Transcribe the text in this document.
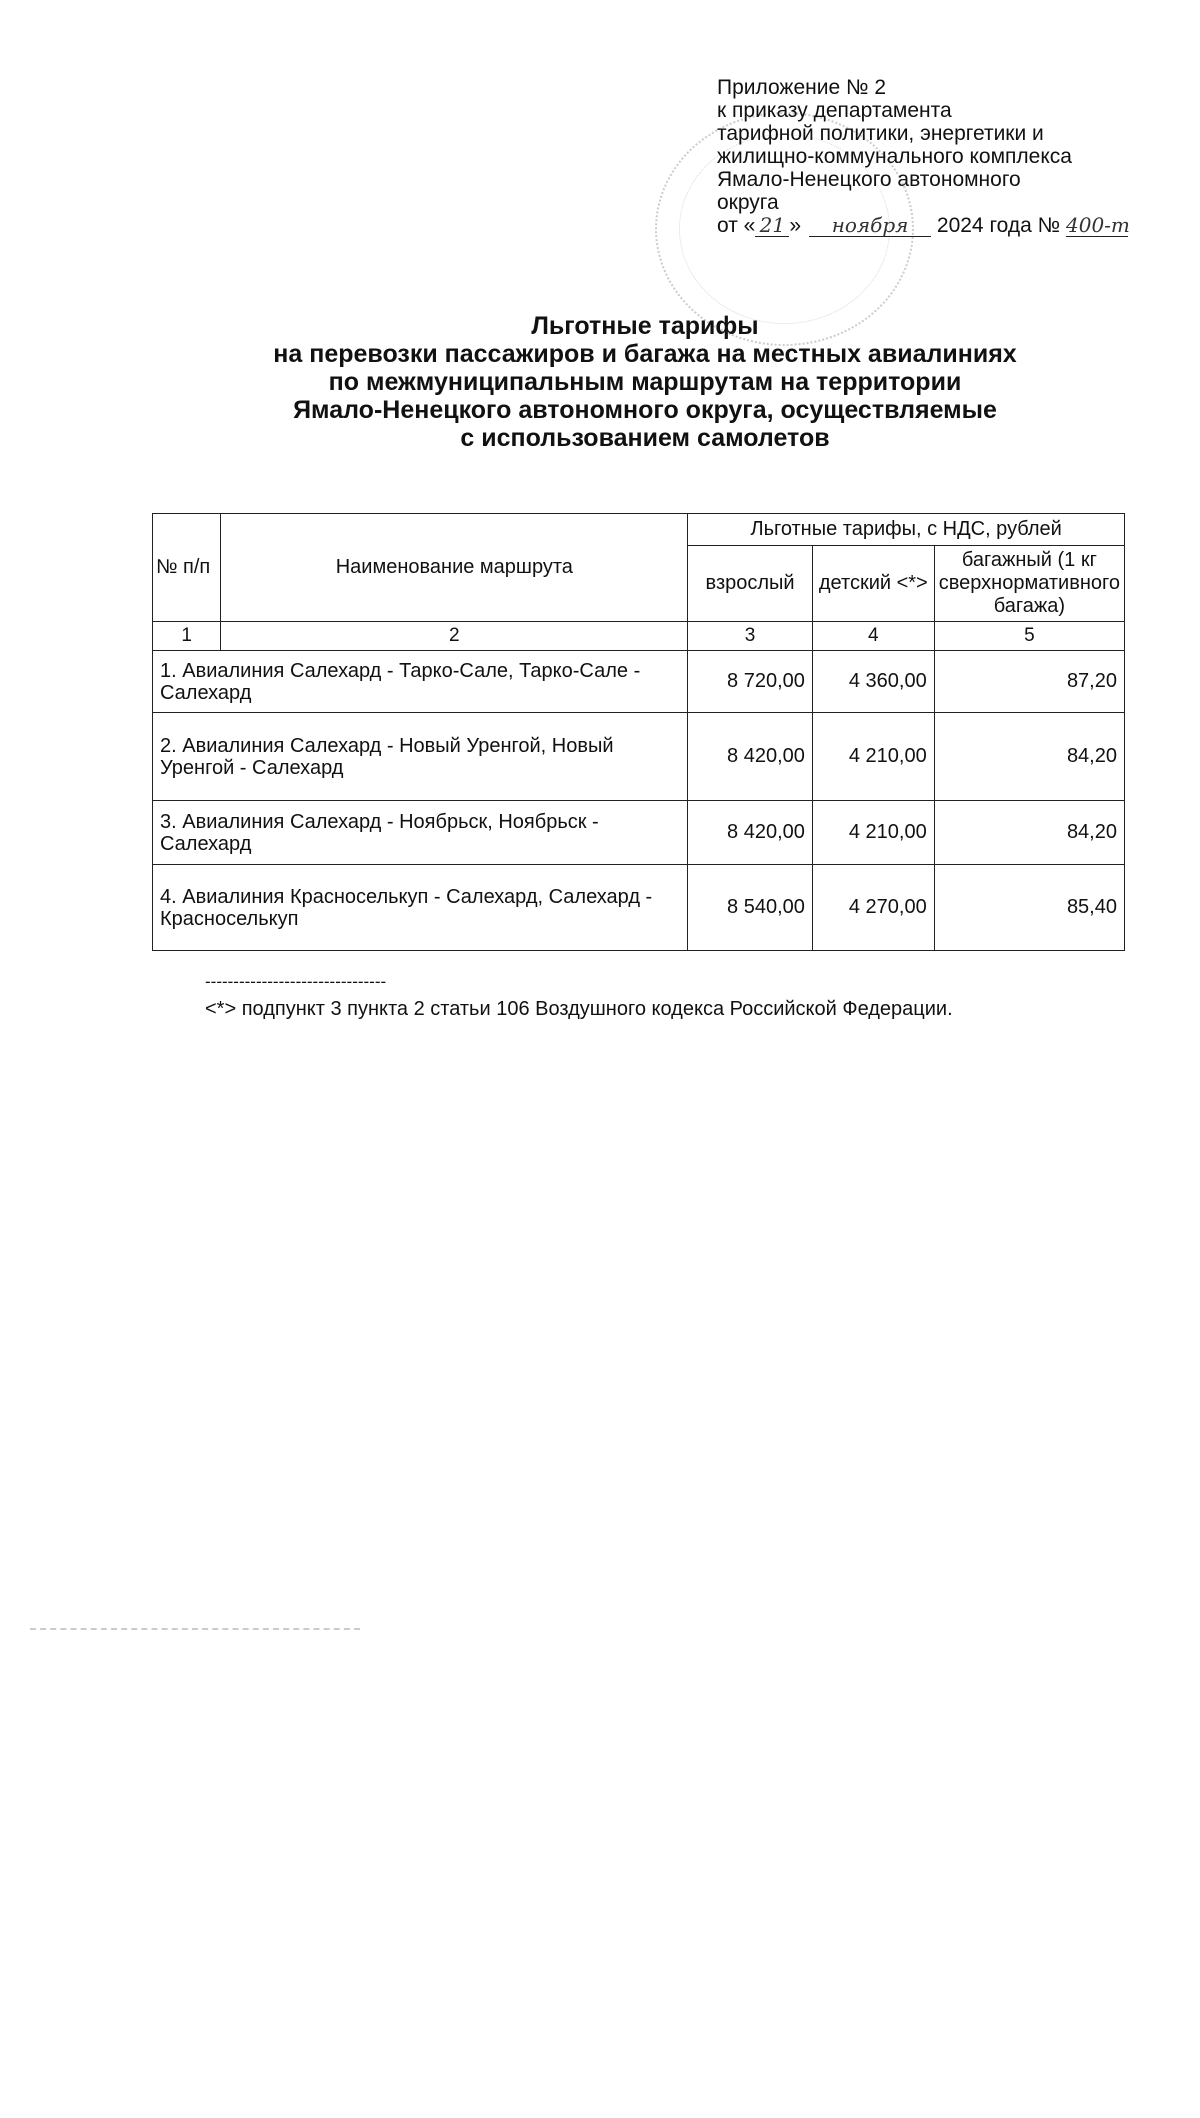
Приложение № 2
к приказу департамента
тарифной политики, энергетики и
жилищно-коммунального комплекса
Ямало-Ненецкого автономного
округа
от « 21 » ноября 2024 года № 400-т
Льготные тарифы
на перевозки пассажиров и багажа на местных авиалиниях
по межмуниципальным маршрутам на территории
Ямало-Ненецкого автономного округа, осуществляемые
с использованием самолетов
№ п/п	Наименование маршрута	Льготные тарифы, с НДС, рублей		
		взрослый	детский <*>	багажный (1 кг сверхнормативного багажа)
1	2	3	4	5
1. Авиалиния Салехард - Тарко-Сале, Тарко-Сале - Салехард		8 720,00	4 360,00	87,20
2. Авиалиния Салехард - Новый Уренгой, Новый Уренгой - Салехард		8 420,00	4 210,00	84,20
3. Авиалиния Салехард - Ноябрьск, Ноябрьск - Салехард		8 420,00	4 210,00	84,20
4. Авиалиния Красноселькуп - Салехард, Салехард - Красноселькуп		8 540,00	4 270,00	85,40
--------------------------------
<*> подпункт 3 пункта 2 статьи 106 Воздушного кодекса Российской Федерации.
